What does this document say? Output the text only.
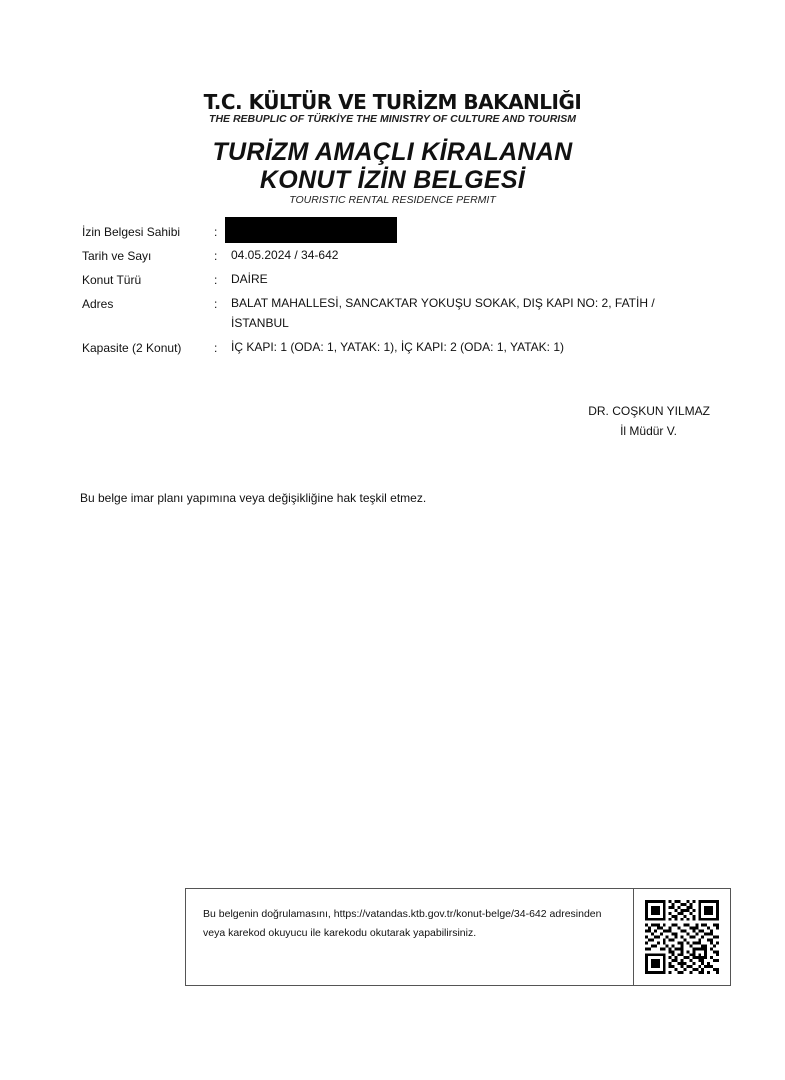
T.C. KÜLTÜR VE TURİZM BAKANLIĞI
THE REBUPLIC OF TÜRKİYE THE MINISTRY OF CULTURE AND TOURISM
TURİZM AMAÇLI KİRALANAN
KONUT İZİN BELGESİ
TOURISTIC RENTAL RESIDENCE PERMIT
İzin Belgesi Sahibi	:
Tarih ve Sayı	: 04.05.2024 / 34-642
Konut Türü	: DAİRE
Adres	: BALAT MAHALLESİ, SANCAKTAR YOKUŞU SOKAK, DIŞ KAPI NO: 2, FATİH /
İSTANBUL
Kapasite (2 Konut)	: İÇ KAPI: 1 (ODA: 1, YATAK: 1), İÇ KAPI: 2 (ODA: 1, YATAK: 1)
DR. COŞKUN YILMAZ
İl Müdür V.
Bu belge imar planı yapımına veya değişikliğine hak teşkil etmez.
Bu belgenin doğrulamasını, https://vatandas.ktb.gov.tr/konut-belge/34-642 adresinden veya karekod okuyucu ile karekodu okutarak yapabilirsiniz.
